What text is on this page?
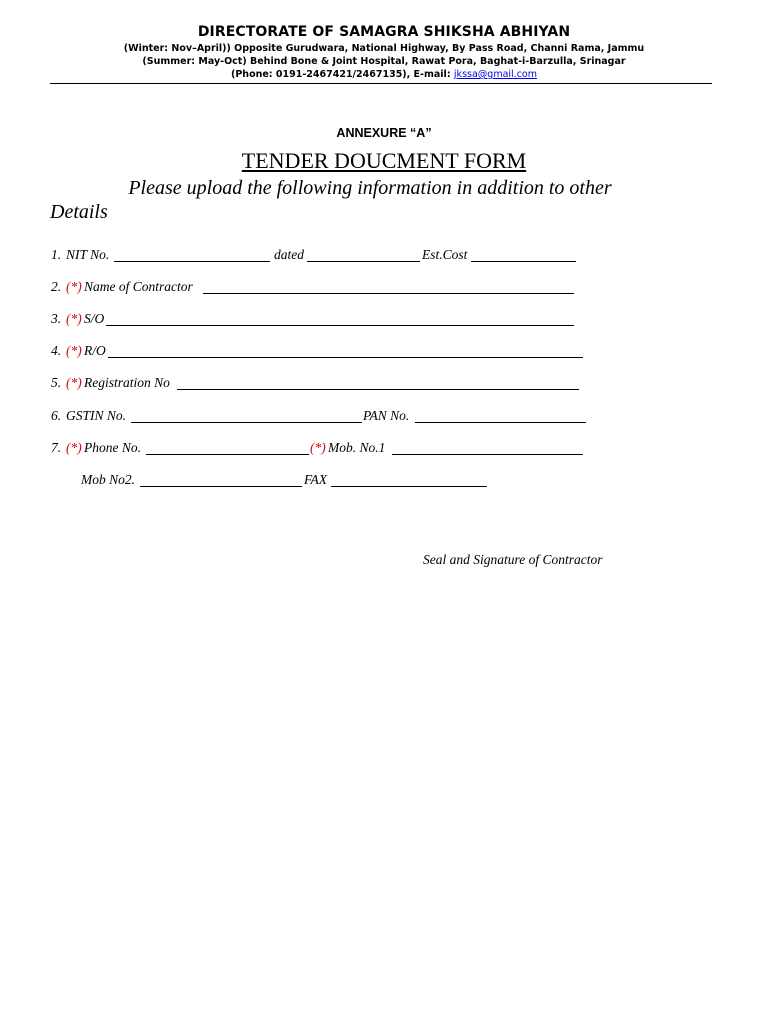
DIRECTORATE OF SAMAGRA SHIKSHA ABHIYAN
(Winter: Nov–April)) Opposite Gurudwara, National Highway, By Pass Road, Channi Rama, Jammu
(Summer: May-Oct) Behind Bone & Joint Hospital, Rawat Pora, Baghat-i-Barzulla, Srinagar
(Phone: 0191-2467421/2467135), E-mail: jkssa@gmail.com
ANNEXURE “A”
TENDER DOUCMENT FORM
Please upload the following information in addition to other
Details
1. NIT No.	dated	Est.Cost
2. (*) Name of Contractor
3. (*) S/O
4. (*) R/O
5. (*) Registration No
6. GSTIN No.	PAN No.
7. (*) Phone No.	(*) Mob. No.1
Mob No2.	FAX
Seal and Signature of Contractor
